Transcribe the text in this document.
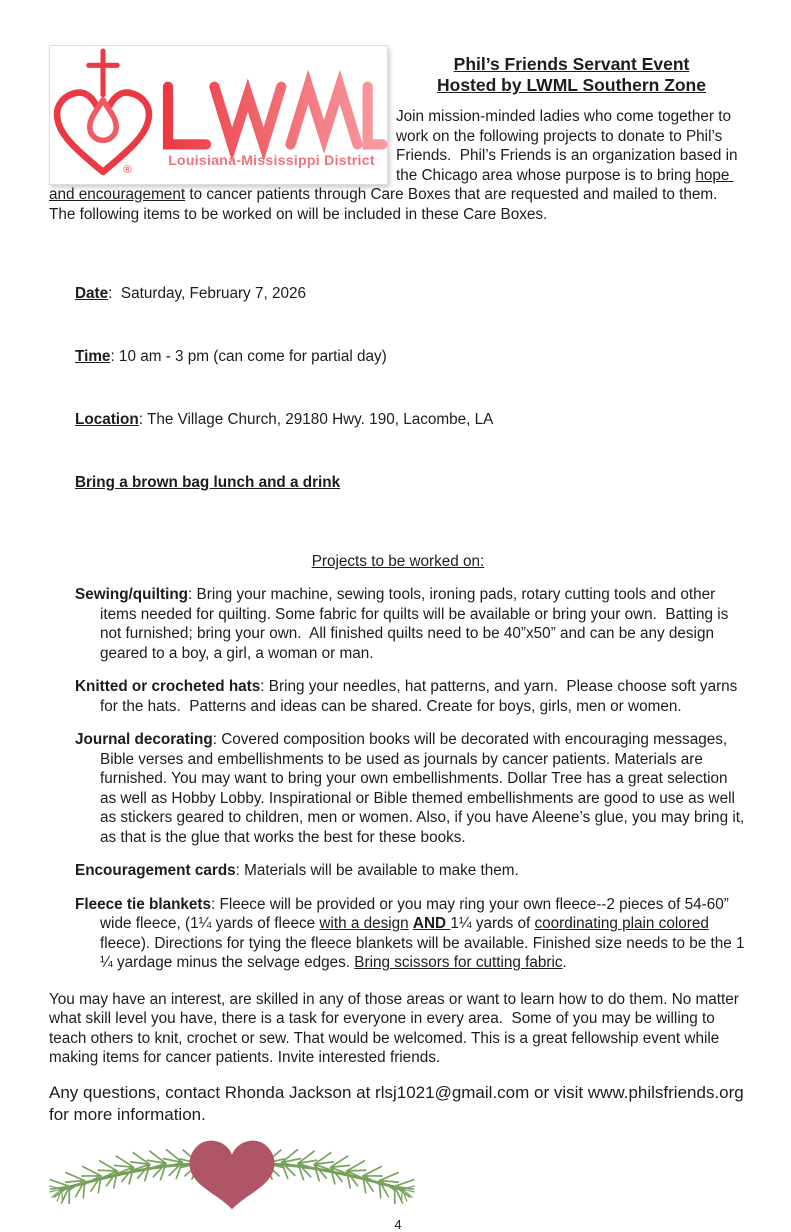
®
Louisiana-Mississippi District
Phil’s Friends Servant Event
Hosted by LWML Southern Zone

Join mission-minded ladies who come together to work on the following projects to donate to Phil’s Friends.  Phil’s Friends is an organization based in the Chicago area whose purpose is to bring hope and encouragement to cancer patients through Care Boxes that are requested and mailed to them. The following items to be worked on will be included in these Care Boxes.

Date:  Saturday, February 7, 2026

Time: 10 am - 3 pm (can come for partial day)

Location: The Village Church, 29180 Hwy. 190, Lacombe, LA

Bring a brown bag lunch and a drink

Projects to be worked on:

Sewing/quilting: Bring your machine, sewing tools, ironing pads, rotary cutting tools and other items needed for quilting. Some fabric for quilts will be available or bring your own.  Batting is not furnished; bring your own.  All finished quilts need to be 40”x50” and can be any design geared to a boy, a girl, a woman or man.

Knitted or crocheted hats: Bring your needles, hat patterns, and yarn.  Please choose soft yarns for the hats.  Patterns and ideas can be shared. Create for boys, girls, men or women.

Journal decorating: Covered composition books will be decorated with encouraging messages, Bible verses and embellishments to be used as journals by cancer patients. Materials are furnished. You may want to bring your own embellishments. Dollar Tree has a great selection as well as Hobby Lobby. Inspirational or Bible themed embellishments are good to use as well as stickers geared to children, men or women. Also, if you have Aleene’s glue, you may bring it, as that is the glue that works the best for these books.

Encouragement cards: Materials will be available to make them.

Fleece tie blankets: Fleece will be provided or you may ring your own fleece--2 pieces of 54-60” wide fleece, (1¼ yards of fleece with a design AND 1¼ yards of coordinating plain colored fleece). Directions for tying the fleece blankets will be available. Finished size needs to be the 1 ¼ yardage minus the selvage edges. Bring scissors for cutting fabric.

You may have an interest, are skilled in any of those areas or want to learn how to do them. No matter what skill level you have, there is a task for everyone in every area.  Some of you may be willing to teach others to knit, crochet or sew. That would be welcomed. This is a great fellowship event while making items for cancer patients. Invite interested friends.

Any questions, contact Rhonda Jackson at rlsj1021@gmail.com or visit www.philsfriends.org for more information.

4
